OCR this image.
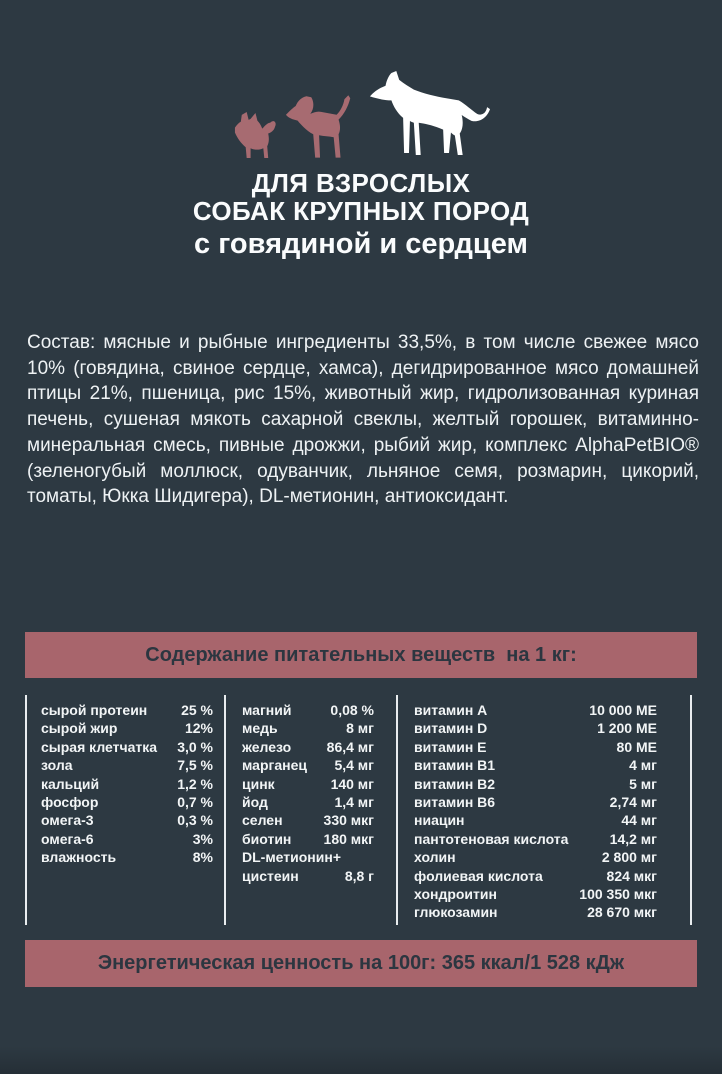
ДЛЯ ВЗРОСЛЫХ
СОБАК КРУПНЫХ ПОРОД
с говядиной и сердцем

Состав: мясные и рыбные ингредиенты 33,5%, в том числе свежее мясо 10% (говядина, свиное сердце, хамса), дегидрированное мясо домашней птицы 21%, пшеница, рис 15%, животный жир, гидролизованная куриная печень, сушеная мякоть сахарной свеклы, желтый горошек, витаминно-минеральная смесь, пивные дрожжи, рыбий жир, комплекс AlphaPetBIO® (зеленогубый моллюск, одуванчик, льняное семя, розмарин, цикорий, томаты, Юкка Шидигера), DL-метионин, антиоксидант.

Содержание питательных веществ  на 1 кг:
сырой протеин 25 %
сырой жир	12%
сырая клетчатка 3,0 %
зола	7,5 %
кальций	1,2 %
фосфор	0,7 %
омега-3	0,3 %
омега-6	3%
влажность	8%
магний	0,08 %
медь	8 мг
железо	86,4 мг
марганец 5,4 мг
цинк	140 мг
йод	1,4 мг
селен	330 мкг
биотин 180 мкг
DL-метионин+
цистеин	8,8 г
витамин A	10 000 МЕ
витамин D	1 200 МЕ
витамин E	80 МЕ
витамин B1	4 мг
витамин B2	5 мг
витамин B6	2,74 мг
ниацин	44 мг
пантотеновая кислота	14,2 мг
холин	2 800 мг
фолиевая кислота	824 мкг
хондроитин	100 350 мкг
глюкозамин	28 670 мкг
Энергетическая ценность на 100г: 365 ккал/1 528 кДж
